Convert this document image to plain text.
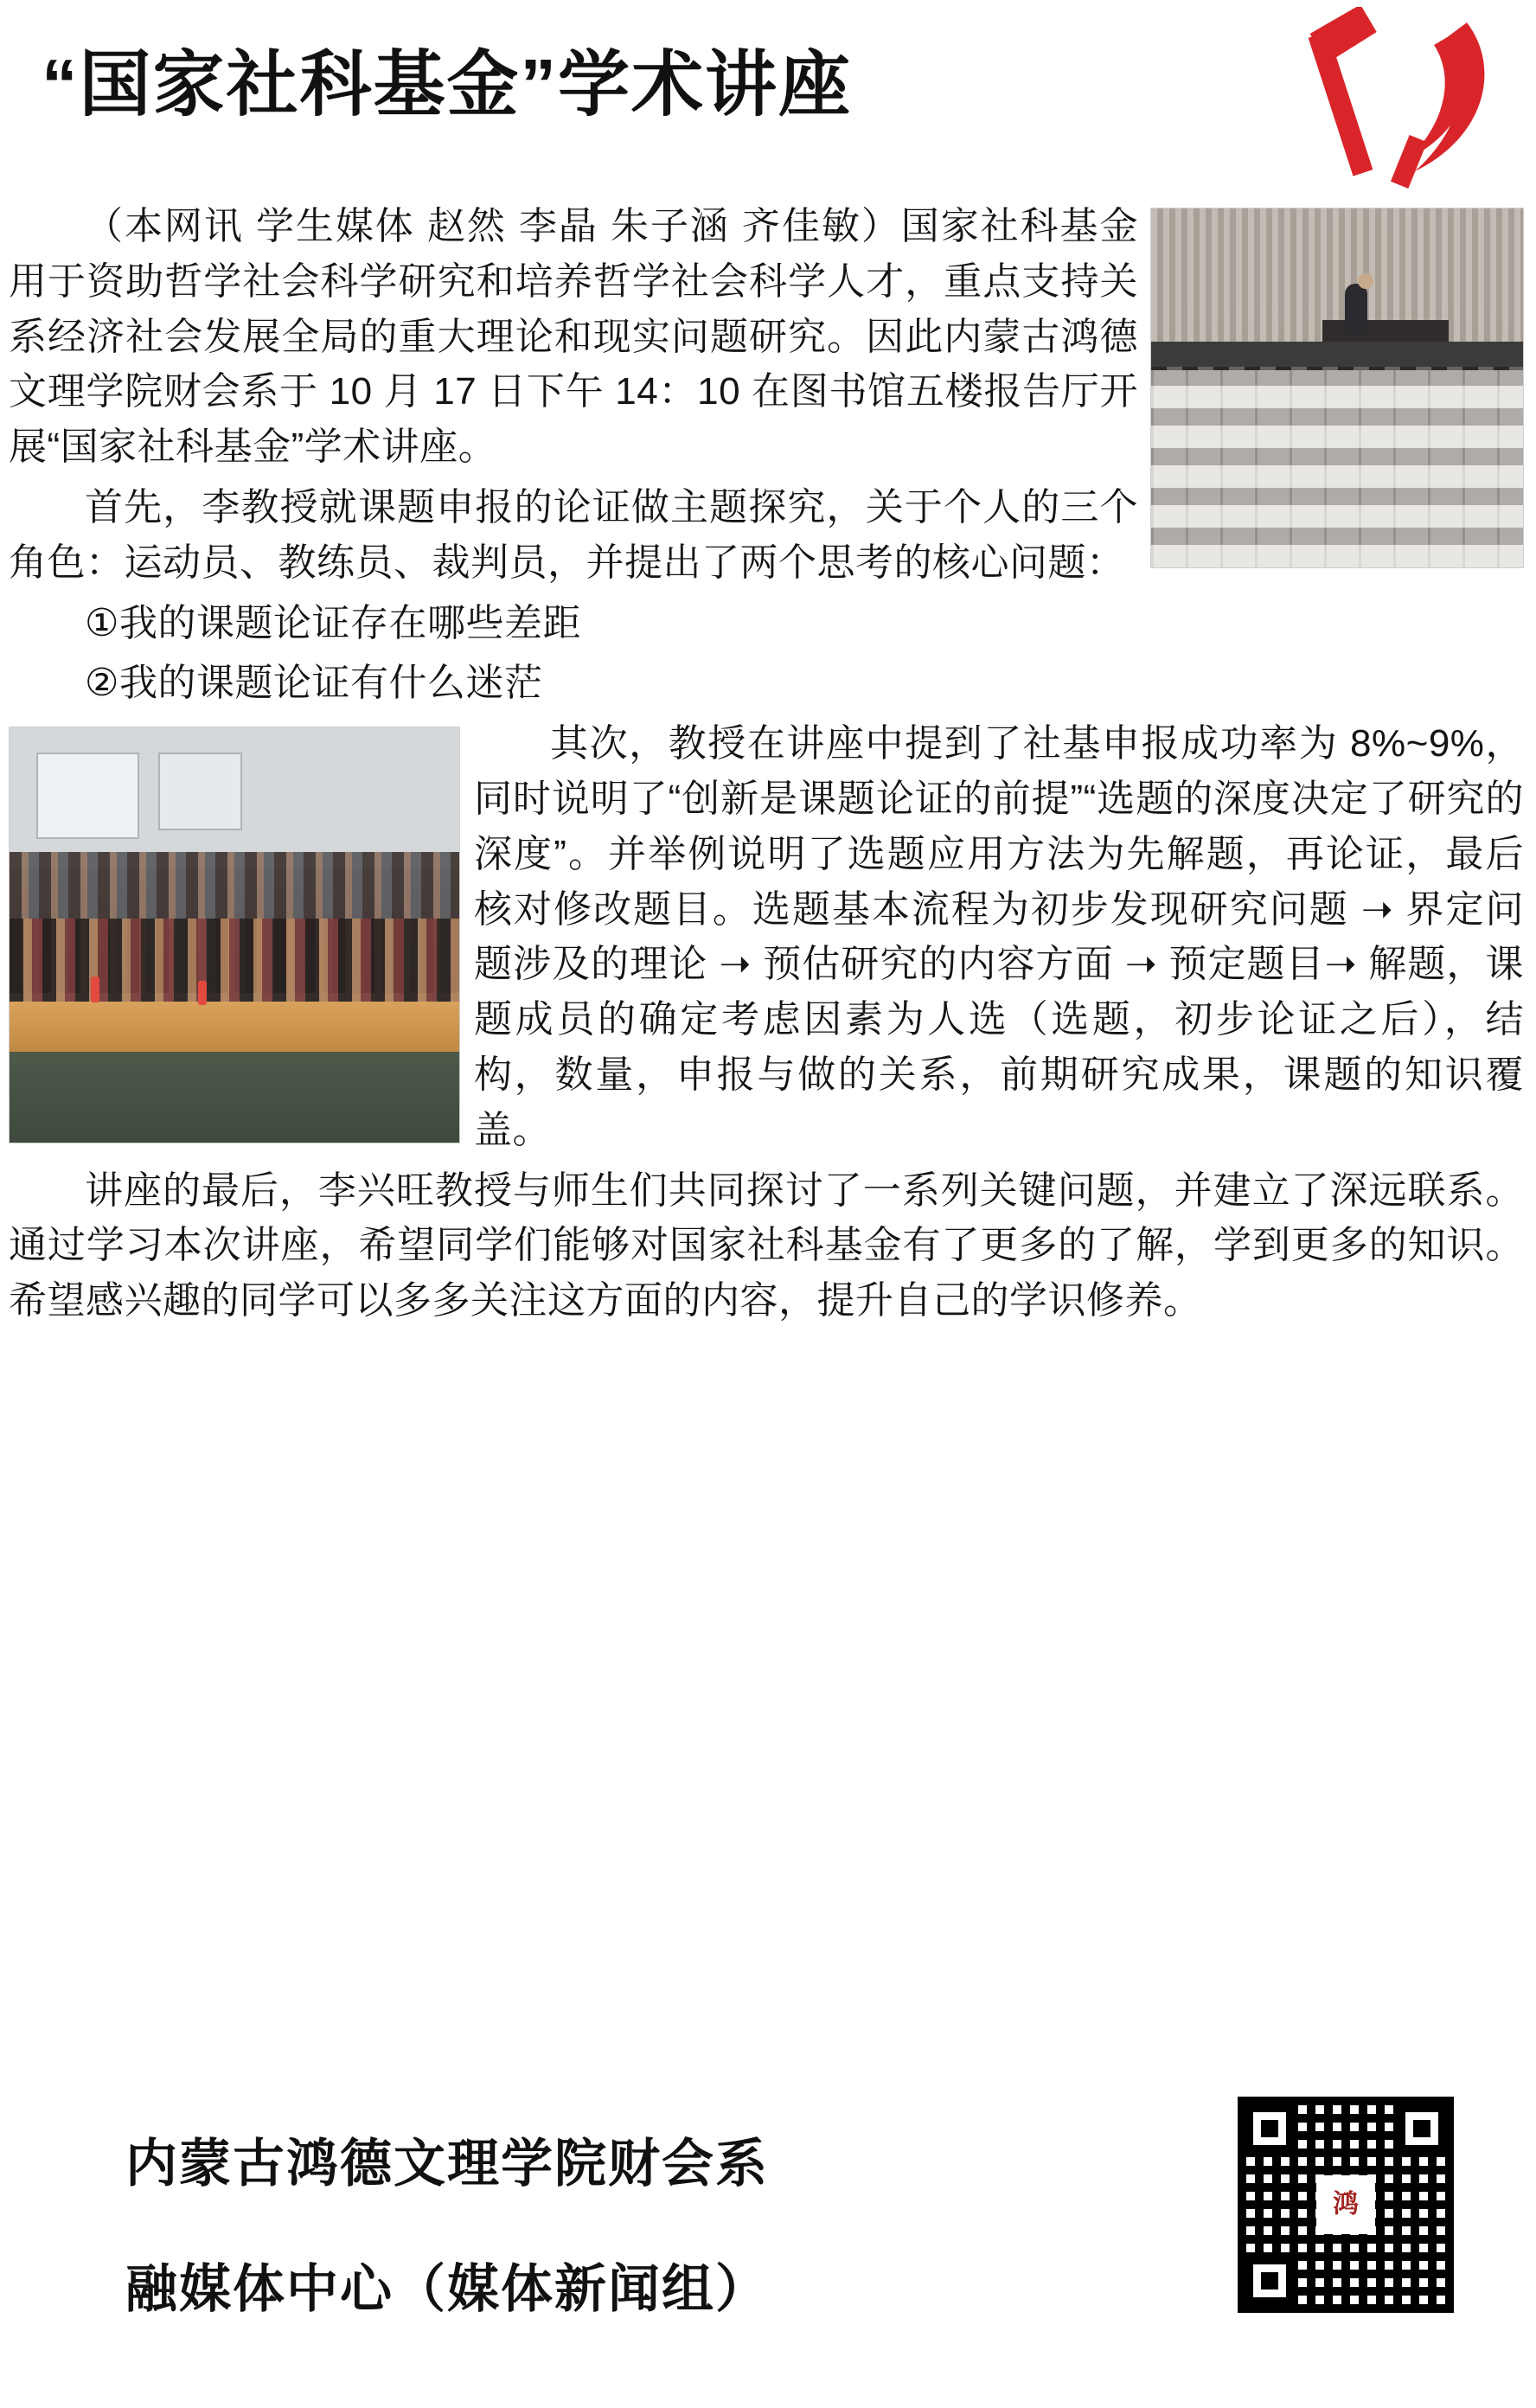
“国家社科基金”学术讲座

（本网讯 学生媒体 赵然 李晶 朱子涵 齐佳敏）国家社科基金用于资助哲学社会科学研究和培养哲学社会科学人才，重点支持关系经济社会发展全局的重大理论和现实问题研究。因此内蒙古鸿德文理学院财会系于 10 月 17 日下午 14：10 在图书馆五楼报告厅开展“国家社科基金”学术讲座。

首先，李教授就课题申报的论证做主题探究，关于个人的三个角色：运动员、教练员、裁判员，并提出了两个思考的核心问题：

①我的课题论证存在哪些差距

②我的课题论证有什么迷茫

其次，教授在讲座中提到了社基申报成功率为 8%~9%，同时说明了“创新是课题论证的前提”“选题的深度决定了研究的深度”。并举例说明了选题应用方法为先解题，再论证，最后核对修改题目。选题基本流程为初步发现研究问题 ➝ 界定问题涉及的理论 ➝ 预估研究的内容方面 ➝ 预定题目➝ 解题，课题成员的确定考虑因素为人选（选题，初步论证之后），结构，数量，申报与做的关系，前期研究成果，课题的知识覆盖。

讲座的最后，李兴旺教授与师生们共同探讨了一系列关键问题，并建立了深远联系。通过学习本次讲座，希望同学们能够对国家社科基金有了更多的了解，学到更多的知识。希望感兴趣的同学可以多多关注这方面的内容，提升自己的学识修养。

内蒙古鸿德文理学院财会系
融媒体中心（媒体新闻组）
鸿
